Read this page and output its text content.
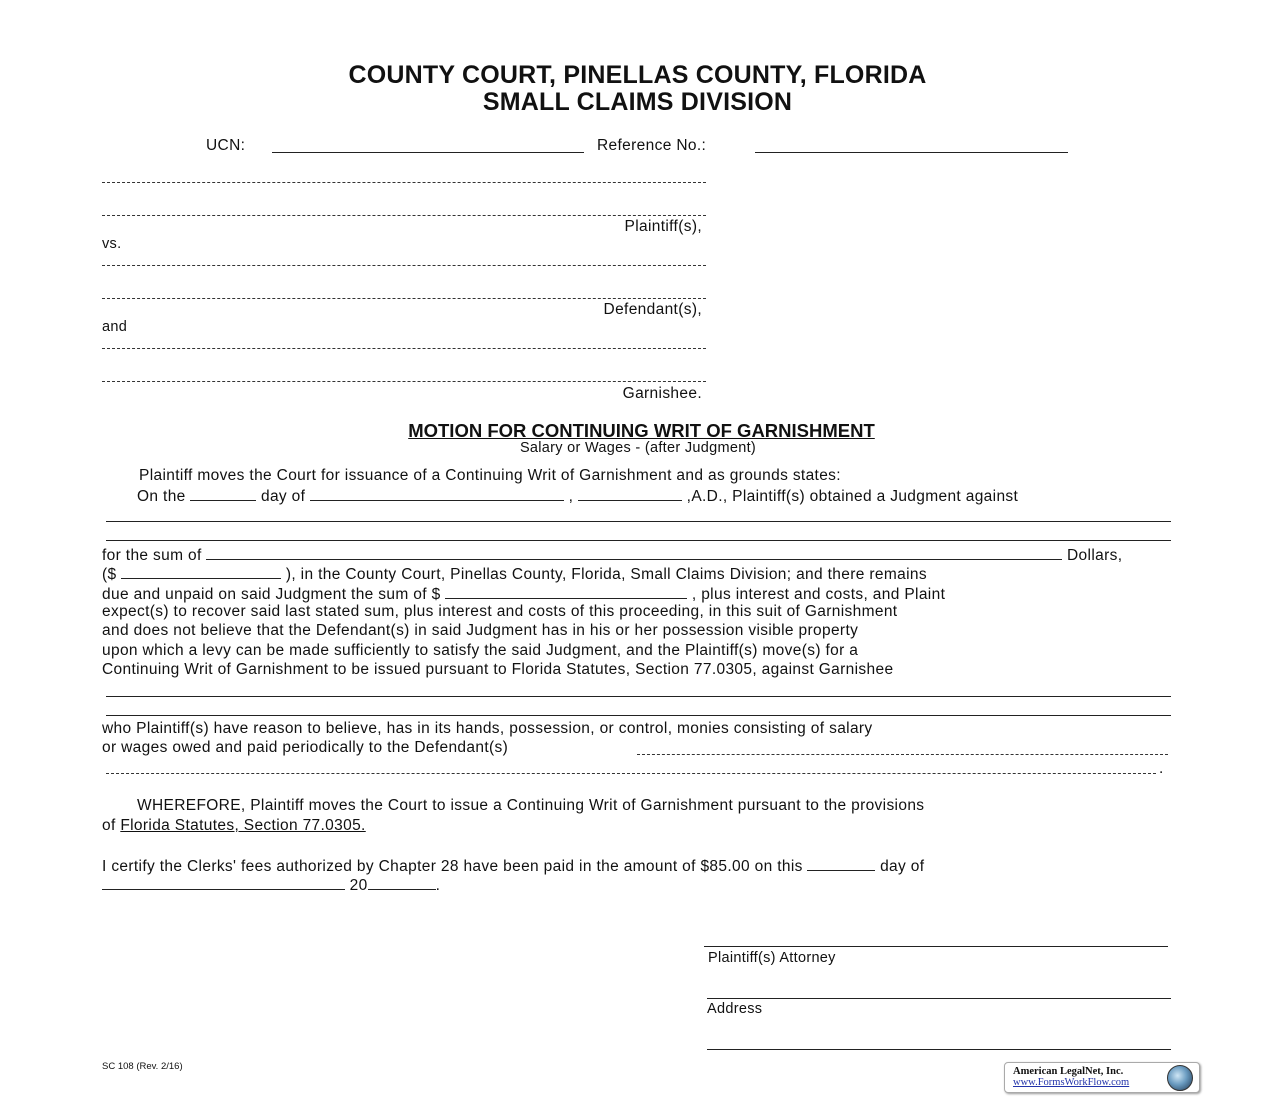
COUNTY COURT, PINELLAS COUNTY, FLORIDA
SMALL CLAIMS DIVISION
UCN:	Reference No.:
Plaintiff(s),
vs.
Defendant(s),
and
Garnishee.
MOTION FOR CONTINUING WRIT OF GARNISHMENT
Salary or Wages - (after Judgment)
Plaintiff moves the Court for issuance of a Continuing Writ of Garnishment and as grounds states:
On the	day of	,	,A.D., Plaintiff(s) obtained a Judgment against
for the sum of	Dollars,
($	), in the County Court, Pinellas County, Florida, Small Claims Division; and there remains
due and unpaid on said Judgment the sum of $	, plus interest and costs, and Plaint
expect(s) to recover said last stated sum, plus interest and costs of this proceeding, in this suit of Garnishment
and does not believe that the Defendant(s) in said Judgment has in his or her possession visible property
upon which a levy can be made sufficiently to satisfy the said Judgment, and the Plaintiff(s) move(s) for a
Continuing Writ of Garnishment to be issued pursuant to Florida Statutes, Section 77.0305, against Garnishee
who Plaintiff(s) have reason to believe, has in its hands, possession, or control, monies consisting of salary
or wages owed and paid periodically to the Defendant(s)
.
WHEREFORE, Plaintiff moves the Court to issue a Continuing Writ of Garnishment pursuant to the provisions
of Florida Statutes, Section 77.0305.
I certify the Clerks' fees authorized by Chapter 28 have been paid in the amount of $85.00 on this	day of
20	.
Plaintiff(s) Attorney
Address
SC 108 (Rev. 2/16)	American LegalNet, Inc.
www.FormsWorkFlow.com
